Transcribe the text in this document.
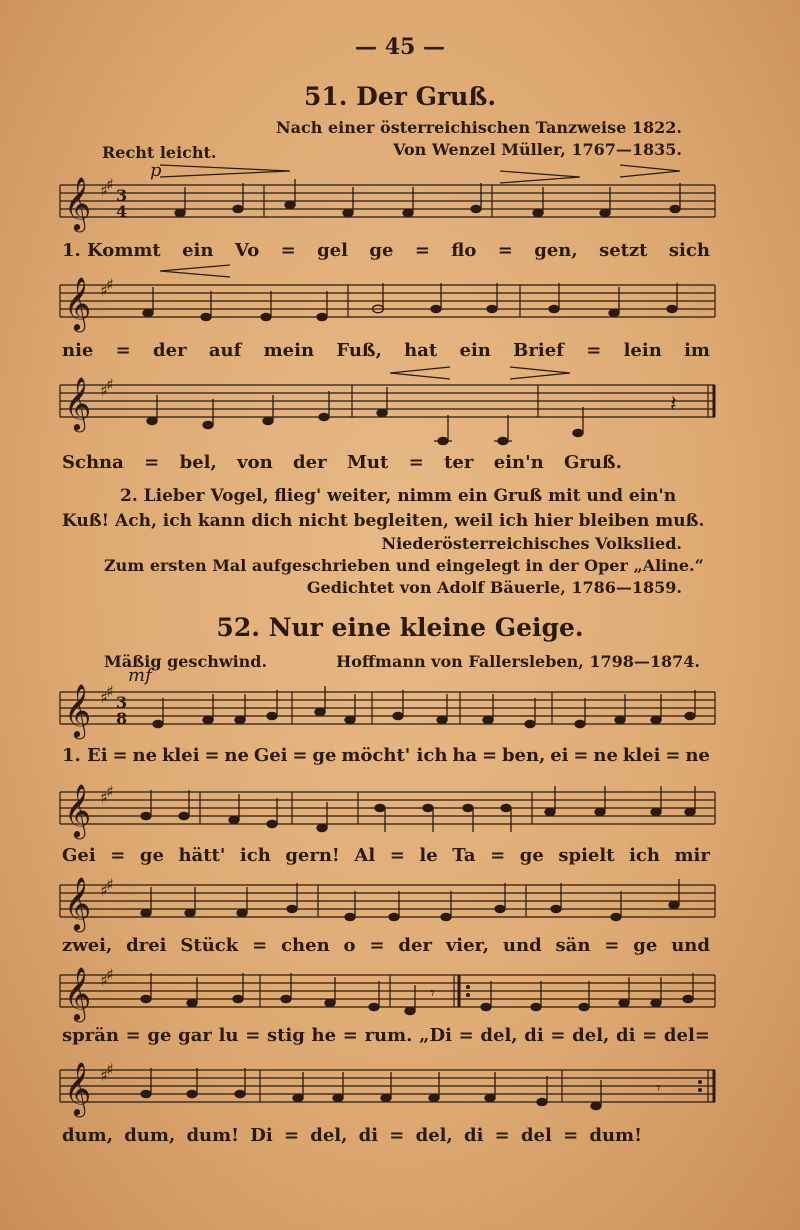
— 45 —
51. Der Gruß.
Nach einer österreichischen Tanzweise 1822.
Von Wenzel Müller, 1767—1835.
Recht leicht.
p
𝄞 ♯
♯
3
4
1. Kommt ein Vo = gel ge = flo = gen, setzt sich
𝄞 ♯
♯
nie = der auf mein Fuß, hat ein Brief = lein im
𝄞 ♯
♯
𝄽
Schna = bel, von der Mut = ter ein'n Gruß.
2. Lieber Vogel, flieg' weiter, nimm ein Gruß mit und ein'n
Kuß! Ach, ich kann dich nicht begleiten, weil ich hier bleiben muß.
Niederösterreichisches Volkslied.
Zum ersten Mal aufgeschrieben und eingelegt in der Oper „Aline.“
Gedichtet von Adolf Bäuerle, 1786—1859.
52. Nur eine kleine Geige.
Mäßig geschwind.	Hoffmann von Fallersleben, 1798—1874.
mf
𝄞 ♯
♯
3
8
1. Ei = ne klei = ne Gei = ge möcht' ich ha = ben, ei = ne klei = ne
𝄞 ♯
♯
Gei = ge hätt' ich gern! Al = le Ta = ge spielt ich mir
𝄞 ♯
♯
zwei, drei Stück = chen o = der vier, und sän = ge und
𝄞 ♯
♯
𝄾
sprän = ge gar lu = stig he = rum. „Di = del, di = del, di = del=
𝄞 ♯
♯
𝄾
dum, dum, dum! Di = del, di = del, di = del = dum!
